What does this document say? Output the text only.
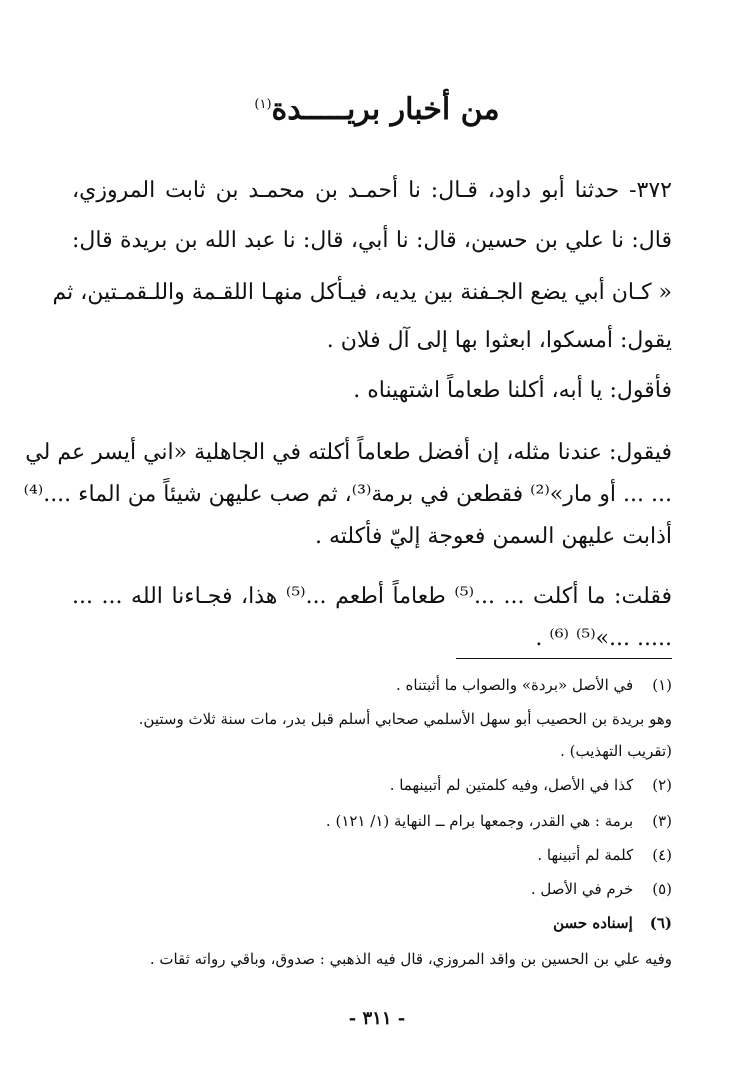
من أخبار بريـــــدة$^{(١)}$
٣٧٢- حدثنا أبو داود، قـال: نا أحمـد بن محمـد بن ثابت المروزي،
قال: نا علي بن حسين، قال: نا أبي، قال: نا عبد الله بن بريدة قال:
« كـان أبي يضع الجـفنة بين يديه، فيـأكل منهـا اللقـمة واللـقمـتين، ثم
يقول: أمسكوا، ابعثوا بها إلى آل فلان .
فأقول: يا أبه، أكلنا طعاماً اشتهيناه .
فيقول: عندنا مثله، إن أفضل طعاماً أكلته في الجاهلية «اني أيسر عم لي
... ... أو مار»⁽²⁾ فقطعن في برمة⁽³⁾، ثم صب عليهن شيئاً من الماء ....⁽⁴⁾
أذابت عليهن السمن فعوجة إليّ فأكلته .
فقلت: ما أكلت ... ...⁽⁵⁾ طعاماً أطعم ...⁽⁵⁾ هذا، فجـاءنا الله ... ...
..... ...»⁽⁵⁾ ⁽⁶⁾ .
(١) في الأصل «بردة» والصواب ما أثبتناه .
وهو بريدة بن الحصيب أبو سهل الأسلمي صحابي أسلم قبل بدر، مات سنة ثلاث وستين.
(تقريب التهذيب) .
(٢) كذا في الأصل، وفيه كلمتين لم أتبينهما .
(٣) برمة : هي القدر، وجمعها برام ــ النهاية (١/ ١٢١) .
(٤) كلمة لم أتبينها .
(٥) خرم في الأصل .
(٦) إسناده حسن
وفيه علي بن الحسين بن واقد المروزي، قال فيه الذهبي : صدوق، وباقي رواته ثقات .
- ٣١١ -
